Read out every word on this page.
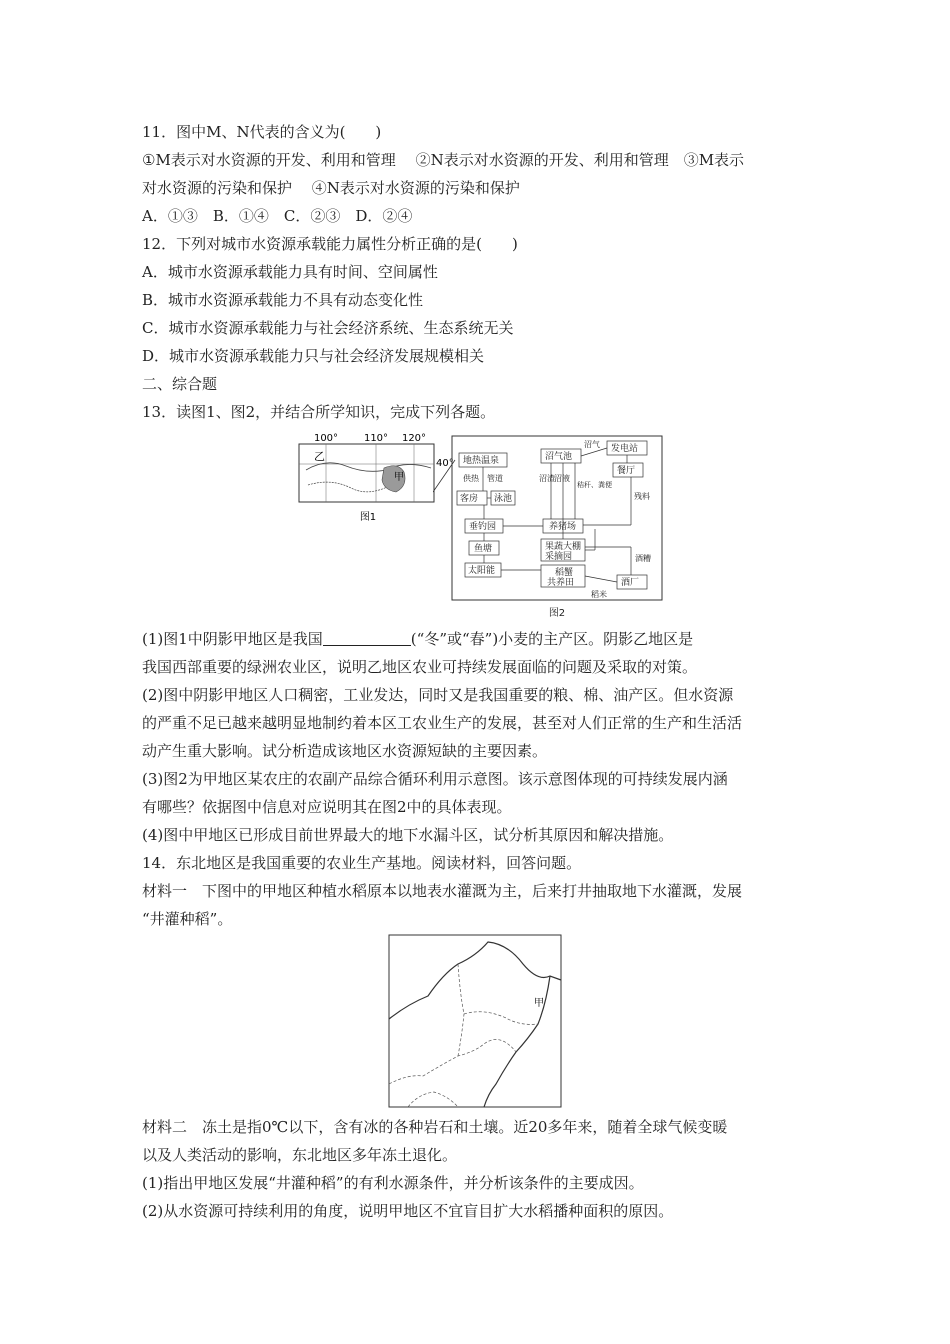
11．图中M、N代表的含义为(　　)
①M表示对水资源的开发、利用和管理　 ②N表示对水资源的开发、利用和管理　③M表示
对水资源的污染和保护　 ④N表示对水资源的污染和保护
A．①③　B．①④　C．②③　D．②④
12．下列对城市水资源承载能力属性分析正确的是(　　)
A．城市水资源承载能力具有时间、空间属性
B．城市水资源承载能力不具有动态变化性
C．城市水资源承载能力与社会经济系统、生态系统无关
D．城市水资源承载能力只与社会经济发展规模相关
二、综合题
13．读图1、图2，并结合所学知识，完成下列各题。
100°	110° 120°
40°
乙
甲
图1
地热温泉
供热 管道
客房 泳池
垂钓园
鱼塘
太阳能
沼气池
沼气 发电站
餐厅
沼渣 沼液
秸秆、粪便
残料
养猪场
果蔬大棚
采摘园
稻蟹
共养田
酒糟
酒厂
稻米
图2
(1)图1中阴影甲地区是我国	(“冬”或“春”)小麦的主产区。阴影乙地区是
我国西部重要的绿洲农业区，说明乙地区农业可持续发展面临的问题及采取的对策。
(2)图中阴影甲地区人口稠密，工业发达，同时又是我国重要的粮、棉、油产区。但水资源
的严重不足已越来越明显地制约着本区工农业生产的发展，甚至对人们正常的生产和生活活
动产生重大影响。试分析造成该地区水资源短缺的主要因素。
(3)图2为甲地区某农庄的农副产品综合循环利用示意图。该示意图体现的可持续发展内涵
有哪些？依据图中信息对应说明其在图2中的具体表现。
(4)图中甲地区已形成目前世界最大的地下水漏斗区，试分析其原因和解决措施。
14．东北地区是我国重要的农业生产基地。阅读材料，回答问题。
材料一　下图中的甲地区种植水稻原本以地表水灌溉为主，后来打井抽取地下水灌溉，发展
“井灌种稻”。
甲
材料二　冻土是指0℃以下，含有冰的各种岩石和土壤。近20多年来，随着全球气候变暖
以及人类活动的影响，东北地区多年冻土退化。
(1)指出甲地区发展“井灌种稻”的有利水源条件，并分析该条件的主要成因。
(2)从水资源可持续利用的角度，说明甲地区不宜盲目扩大水稻播种面积的原因。
